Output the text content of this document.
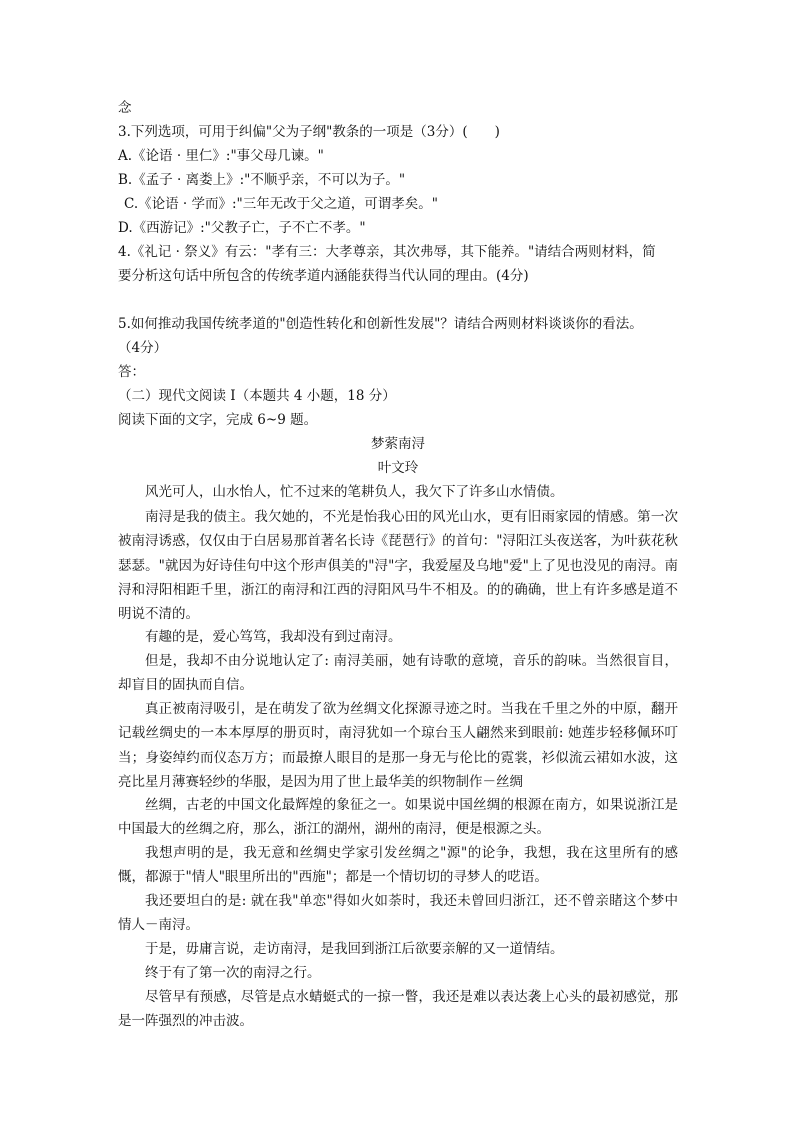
念
3.下列选项，可用于纠偏"父为子纲"教条的一项是（3分）(　　)
A.《论语 · 里仁》:"事父母几谏。"
B.《孟子 · 离娄上》:"不顺乎亲，不可以为子。"
C.《论语 · 学而》:"三年无改于父之道，可谓孝矣。"
D.《西游记》:"父教子亡，子不亡不孝。"
4.《礼记 · 祭义》有云："孝有三：大孝尊亲，其次弗辱，其下能养。"请结合两则材料，简
要分析这句话中所包含的传统孝道内涵能获得当代认同的理由。(4分)
5.如何推动我国传统孝道的"创造性转化和创新性发展"？请结合两则材料谈谈你的看法。
（4分）
答：
（二）现代文阅读 I（本题共 4 小题，18 分）
阅读下面的文字，完成 6~9 题。
梦萦南浔
叶文玲
风光可人，山水怡人，忙不过来的笔耕负人，我欠下了许多山水情债。
南浔是我的债主。我欠她的，不光是怡我心田的风光山水，更有旧雨家园的情感。第一次被南浔诱惑，仅仅由于白居易那首著名长诗《琵琶行》的首句："浔阳江头夜送客，为叶荻花秋瑟瑟。"就因为好诗佳句中这个形声俱美的"浔"字，我爱屋及乌地"爱"上了见也没见的南浔。南浔和浔阳相距千里，浙江的南浔和江西的浔阳风马牛不相及。的的确确，世上有许多感是道不明说不清的。
有趣的是，爱心笃笃，我却没有到过南浔。
但是，我却不由分说地认定了: 南浔美丽，她有诗歌的意境，音乐的韵味。当然很盲目，却盲目的固执而自信。
真正被南浔吸引，是在萌发了欲为丝绸文化探源寻迹之时。当我在千里之外的中原，翻开记载丝绸史的一本本厚厚的册页时，南浔犹如一个琼台玉人翩然来到眼前: 她莲步轻移佩环叮当；身姿绰约而仪态万方；而最撩人眼目的是那一身无与伦比的霓裳，衫似流云裙如水波，这亮比星月薄赛轻纱的华服，是因为用了世上最华美的织物制作－丝绸
丝绸，古老的中国文化最辉煌的象征之一。如果说中国丝绸的根源在南方，如果说浙江是中国最大的丝绸之府，那么，浙江的湖州，湖州的南浔，便是根源之头。
我想声明的是，我无意和丝绸史学家引发丝绸之"源"的论争，我想，我在这里所有的感慨，都源于"情人"眼里所出的"西施"；都是一个情切切的寻梦人的呓语。
我还要坦白的是: 就在我"单恋"得如火如荼时，我还未曾回归浙江，还不曾亲睹这个梦中情人－南浔。
于是，毋庸言说，走访南浔，是我回到浙江后欲要亲解的又一道情结。
终于有了第一次的南浔之行。
尽管早有预感，尽管是点水蜻蜓式的一掠一瞥，我还是难以表达袭上心头的最初感觉，那是一阵强烈的冲击波。
